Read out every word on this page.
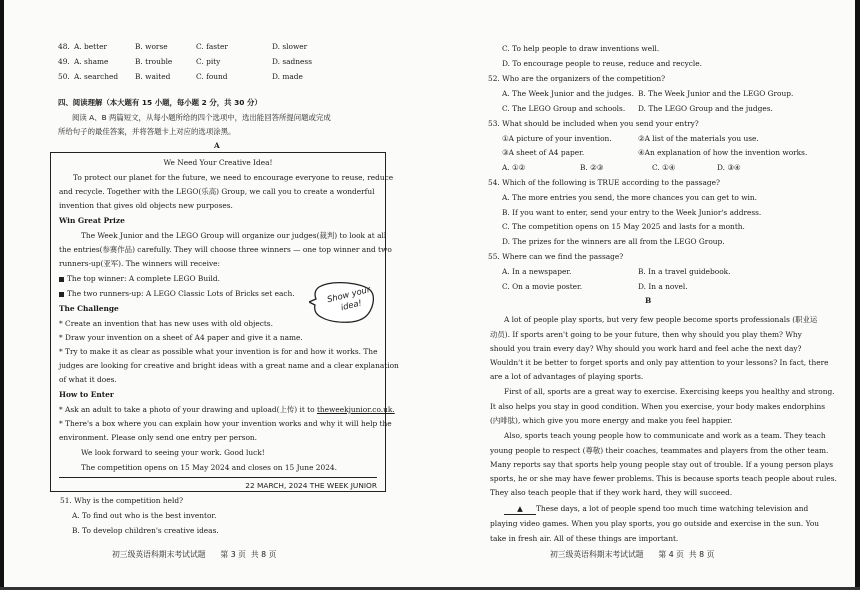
48. A. better	B. worse	C. faster	D. slower
49. A. shame	B. trouble	C. pity	D. sadness
50. A. searched B. waited	C. found	D. made
四、阅读理解（本大题有 15 小题，每小题 2 分，共 30 分）
阅读 A、B 两篇短文，从每小题所给的四个选项中，选出能回答所提问题或完成
所给句子的最佳答案，并将答题卡上对应的选项涂黑。
A
We Need Your Creative Idea!
To protect our planet for the future, we need to encourage everyone to reuse, reduce
and recycle. Together with the LEGO(乐高) Group, we call you to create a wonderful
invention that gives old objects new purposes.
Win Great Prize
The Week Junior and the LEGO Group will organize our judges(裁判) to look at all
the entries(参赛作品) carefully. They will choose three winners — one top winner and two
runners-up(亚军). The winners will receive:
The top winner: A complete LEGO Build.
The two runners-up: A LEGO Classic Lots of Bricks set each.
The Challenge
* Create an invention that has new uses with old objects.
* Draw your invention on a sheet of A4 paper and give it a name.
* Try to make it as clear as possible what your invention is for and how it works. The
judges are looking for creative and bright ideas with a great name and a clear explanation
of what it does.
How to Enter
* Ask an adult to take a photo of your drawing and upload(上传) it to theweekjunior.co.uk.
* There's a box where you can explain how your invention works and why it will help the
environment. Please only send one entry per person.
We look forward to seeing your work. Good luck!
The competition opens on 15 May 2024 and closes on 15 June 2024.
22 MARCH, 2024 THE WEEK JUNIOR
Show your idea!
51. Why is the competition held?
A. To find out who is the best inventor.
B. To develop children's creative ideas.
初三级英语科期末考试试题      第 3 页  共 8 页
C. To help people to draw inventions well.
D. To encourage people to reuse, reduce and recycle.
52. Who are the organizers of the competition?
A. The Week Junior and the judges. B. The Week Junior and the LEGO Group.
C. The LEGO Group and schools. D. The LEGO Group and the judges.
53. What should be included when you send your entry?
①A picture of your invention.	②A list of the materials you use.
③A sheet of A4 paper.	④An explanation of how the invention works.
A. ①②	B. ②③	C. ①④	D. ③④
54. Which of the following is TRUE according to the passage?
A. The more entries you send, the more chances you can get to win.
B. If you want to enter, send your entry to the Week Junior's address.
C. The competition opens on 15 May 2025 and lasts for a month.
D. The prizes for the winners are all from the LEGO Group.
55. Where can we find the passage?
A. In a newspaper.	B. In a travel guidebook.
C. On a movie poster.	D. In a novel.
B
A lot of people play sports, but very few people become sports professionals (职业运
动员). If sports aren't going to be your future, then why should you play them? Why
should you train every day? Why should you work hard and feel ache the next day?
Wouldn't it be better to forget sports and only pay attention to your lessons? In fact, there
are a lot of advantages of playing sports.
First of all, sports are a great way to exercise. Exercising keeps you healthy and strong.
It also helps you stay in good condition. When you exercise, your body makes endorphins
(内啡肽), which give you more energy and make you feel happier.
Also, sports teach young people how to communicate and work as a team. They teach
young people to respect (尊敬) their coaches, teammates and players from the other team.
Many reports say that sports help young people stay out of trouble. If a young person plays
sports, he or she may have fewer problems. This is because sports teach people about rules.
They also teach people that if they work hard, they will succeed.
▲ These days, a lot of people spend too much time watching television and
playing video games. When you play sports, you go outside and exercise in the sun. You
take in fresh air. All of these things are important.
初三级英语科期末考试试题      第 4 页  共 8 页
